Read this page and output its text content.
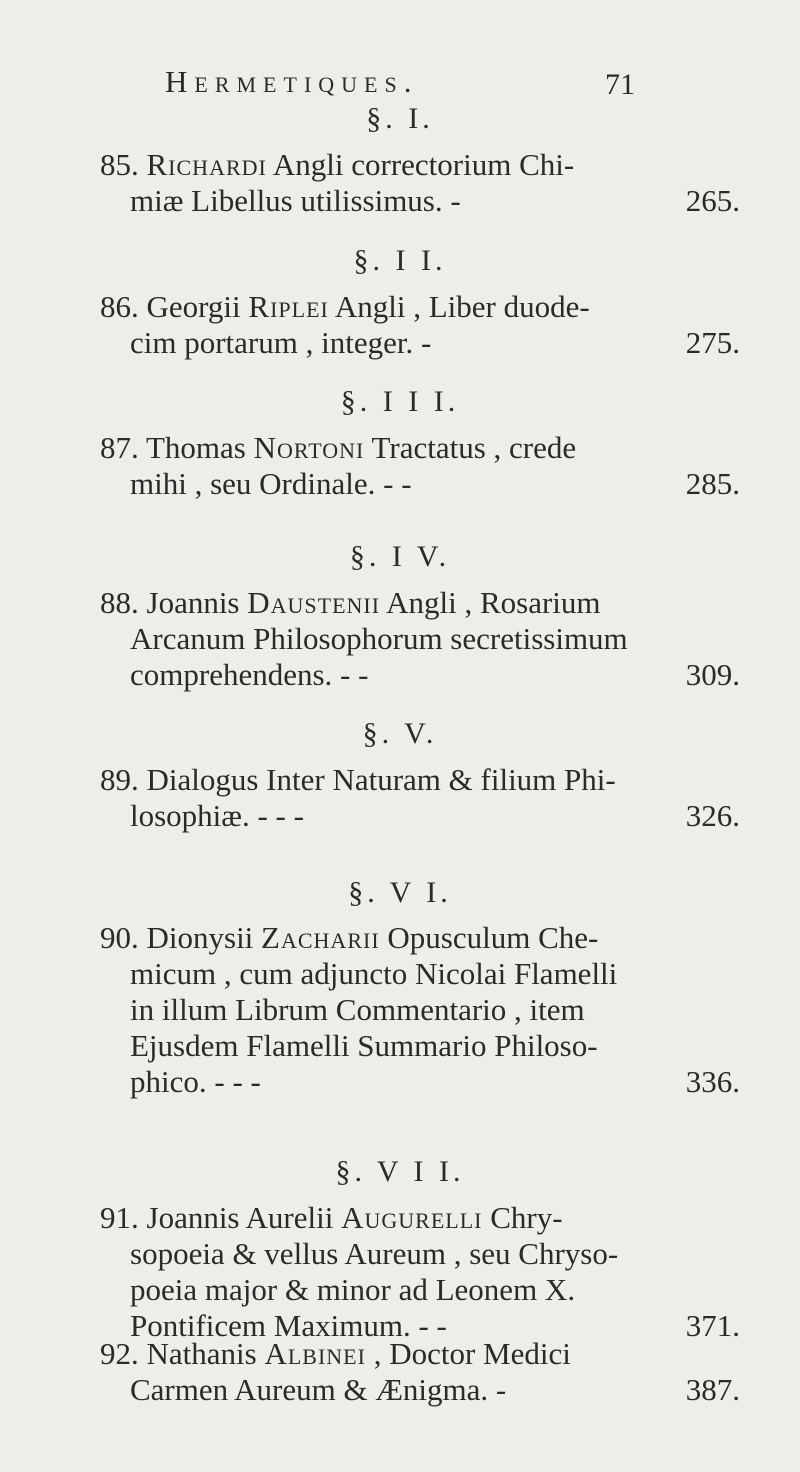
Hermetiques.	71
§. I.
85. Richardi Angli correctorium Chi-
miæ Libellus utilissimus. -	265.
§. I I.
86. Georgii Riplei Angli , Liber duode-
cim portarum , integer. -	275.
§. I I I.
87. Thomas Nortoni Tractatus , crede
mihi , seu Ordinale. - -	285.
§. I V.
88. Joannis Daustenii Angli , Rosarium
Arcanum Philosophorum secretissimum
comprehendens. - -	309.
§. V.
89. Dialogus Inter Naturam & filium Phi-
losophiæ. - - -	326.
§. V I.
90. Dionysii Zacharii Opusculum Che-
micum , cum adjuncto Nicolai Flamelli
in illum Librum Commentario , item
Ejusdem Flamelli Summario Philoso-
phico. - - -	336.
§. V I I.
91. Joannis Aurelii Augurelli Chry-
sopoeia & vellus Aureum , seu Chryso-
poeia major & minor ad Leonem X.
Pontificem Maximum. - -	371.
92. Nathanis Albinei , Doctor Medici
Carmen Aureum & Ænigma. -	387.
